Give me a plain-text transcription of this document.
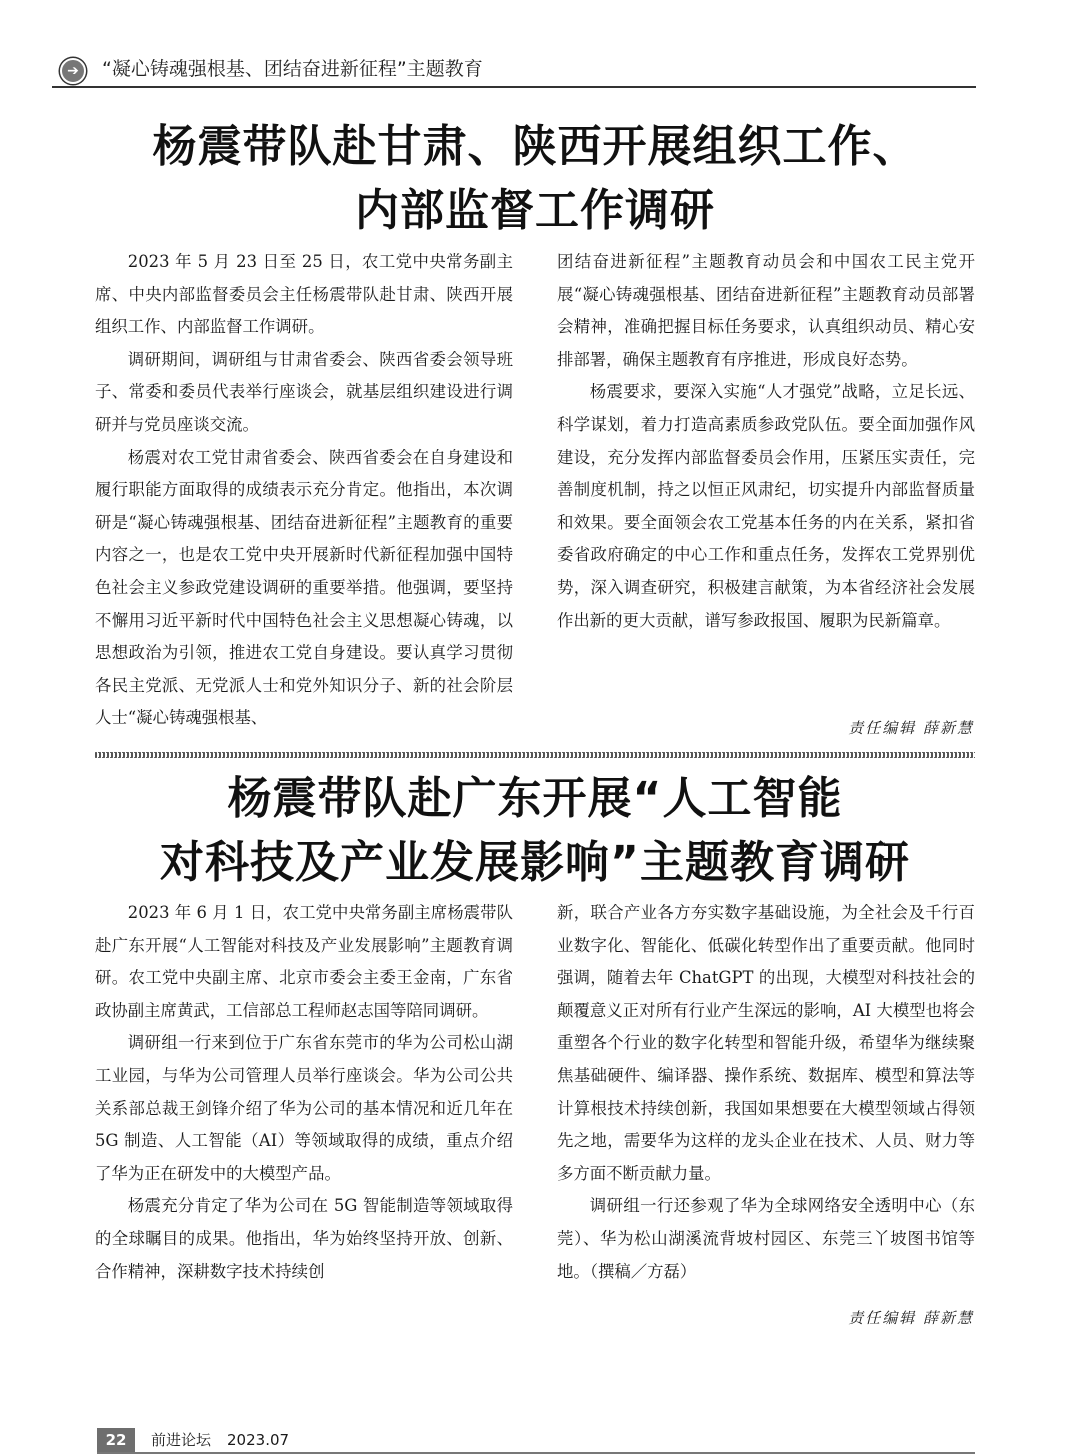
➔	“凝心铸魂强根基、团结奋进新征程”主题教育
杨震带队赴甘肃、陕西开展组织工作、
内部监督工作调研

2023 年 5 月 23 日至 25 日，农工党中央常务副主席、中央内部监督委员会主任杨震带队赴甘肃、陕西开展组织工作、内部监督工作调研。

调研期间，调研组与甘肃省委会、陕西省委会领导班子、常委和委员代表举行座谈会，就基层组织建设进行调研并与党员座谈交流。

杨震对农工党甘肃省委会、陕西省委会在自身建设和履行职能方面取得的成绩表示充分肯定。他指出，本次调研是“凝心铸魂强根基、团结奋进新征程”主题教育的重要内容之一，也是农工党中央开展新时代新征程加强中国特色社会主义参政党建设调研的重要举措。他强调，要坚持不懈用习近平新时代中国特色社会主义思想凝心铸魂，以思想政治为引领，推进农工党自身建设。要认真学习贯彻各民主党派、无党派人士和党外知识分子、新的社会阶层人士“凝心铸魂强根基、

团结奋进新征程”主题教育动员会和中国农工民主党开展“凝心铸魂强根基、团结奋进新征程”主题教育动员部署会精神，准确把握目标任务要求，认真组织动员、精心安排部署，确保主题教育有序推进，形成良好态势。

杨震要求，要深入实施“人才强党”战略，立足长远、科学谋划，着力打造高素质参政党队伍。要全面加强作风建设，充分发挥内部监督委员会作用，压紧压实责任，完善制度机制，持之以恒正风肃纪，切实提升内部监督质量和效果。要全面领会农工党基本任务的内在关系，紧扣省委省政府确定的中心工作和重点任务，发挥农工党界别优势，深入调查研究，积极建言献策，为本省经济社会发展作出新的更大贡献，谱写参政报国、履职为民新篇章。

责任编辑 薛新慧
杨震带队赴广东开展“人工智能
对科技及产业发展影响”主题教育调研

2023 年 6 月 1 日，农工党中央常务副主席杨震带队赴广东开展“人工智能对科技及产业发展影响”主题教育调研。农工党中央副主席、北京市委会主委王金南，广东省政协副主席黄武，工信部总工程师赵志国等陪同调研。

调研组一行来到位于广东省东莞市的华为公司松山湖工业园，与华为公司管理人员举行座谈会。华为公司公共关系部总裁王剑锋介绍了华为公司的基本情况和近几年在 5G 制造、人工智能（AI）等领域取得的成绩，重点介绍了华为正在研发中的大模型产品。

杨震充分肯定了华为公司在 5G 智能制造等领域取得的全球瞩目的成果。他指出，华为始终坚持开放、创新、合作精神，深耕数字技术持续创

新，联合产业各方夯实数字基础设施，为全社会及千行百业数字化、智能化、低碳化转型作出了重要贡献。他同时强调，随着去年 ChatGPT 的出现，大模型对科技社会的颠覆意义正对所有行业产生深远的影响，AI 大模型也将会重塑各个行业的数字化转型和智能升级，希望华为继续聚焦基础硬件、编译器、操作系统、数据库、模型和算法等计算根技术持续创新，我国如果想要在大模型领域占得领先之地，需要华为这样的龙头企业在技术、人员、财力等多方面不断贡献力量。

调研组一行还参观了华为全球网络安全透明中心（东莞）、华为松山湖溪流背坡村园区、东莞三丫坡图书馆等地。（撰稿／方磊）

责任编辑 薛新慧
22 前进论坛 2023.07
